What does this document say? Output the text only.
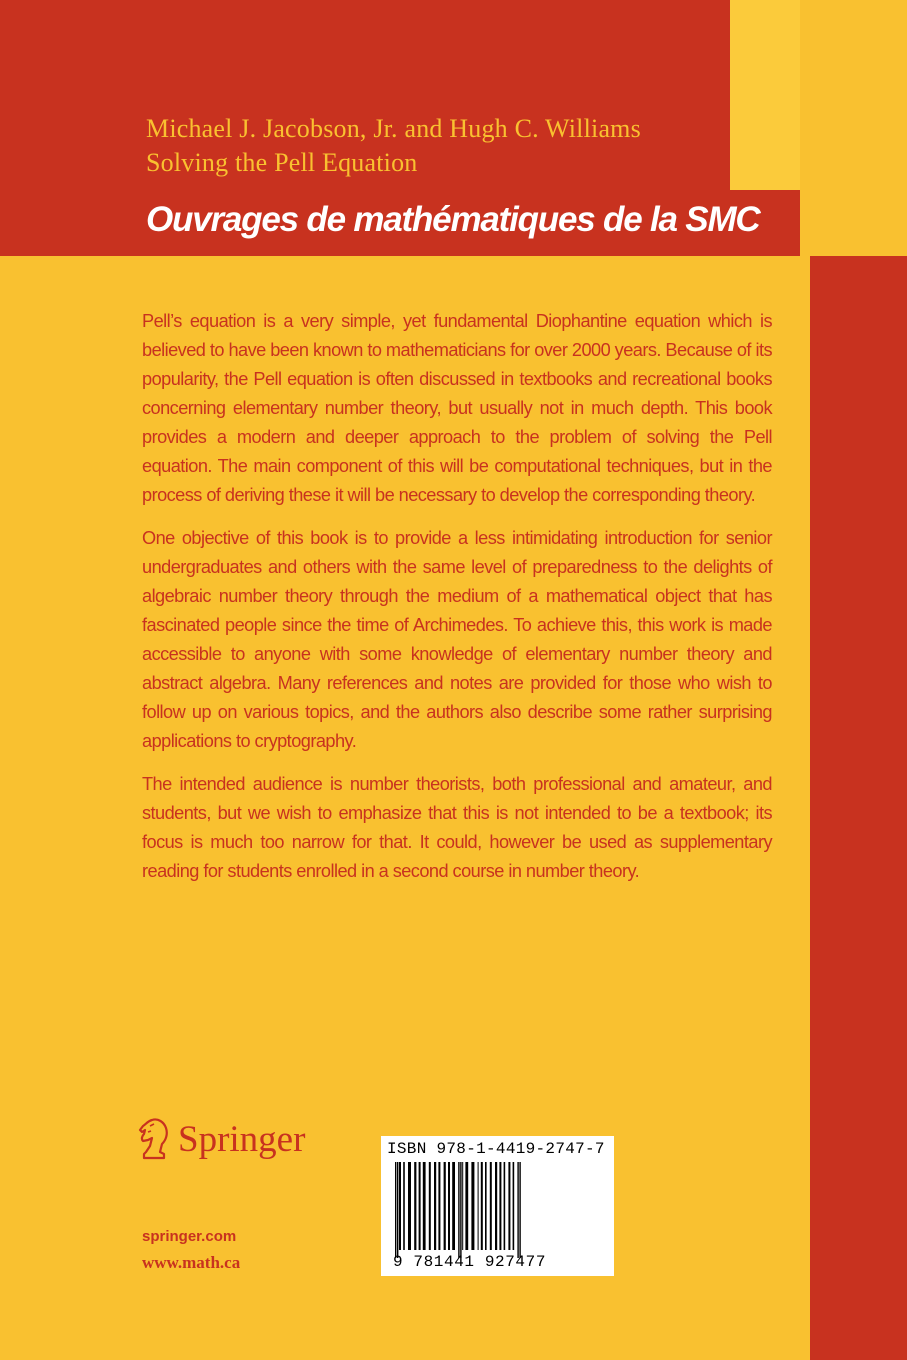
Michael J. Jacobson, Jr. and Hugh C. Williams
Solving the Pell Equation
Ouvrages de mathématiques de la SMC

Pell’s equation is a very simple, yet fundamental Diophantine equation which is believed to have been known to mathematicians for over 2000 years. Because of its popularity, the Pell equation is often discussed in textbooks and recreational books concerning elementary number theory, but usually not in much depth. This book provides a modern and deeper approach to the problem of solving the Pell equation. The main component of this will be computational techniques, but in the process of deriving these it will be necessary to develop the corresponding theory.

One objective of this book is to provide a less intimidating introduction for senior undergraduates and others with the same level of preparedness to the delights of algebraic number theory through the medium of a mathematical object that has fascinated people since the time of Archimedes. To achieve this, this work is made accessible to anyone with some knowledge of elementary number theory and abstract algebra. Many references and notes are provided for those who wish to follow up on various topics, and the authors also describe some rather surprising applications to cryptography.

The intended audience is number theorists, both professional and amateur, and students, but we wish to emphasize that this is not intended to be a textbook; its focus is much too narrow for that. It could, however be used as supplementary reading for students enrolled in a second course in number theory.

Springer
springer.com
www.math.ca
ISBN 978-1-4419-2747-7
9 781441 927477
